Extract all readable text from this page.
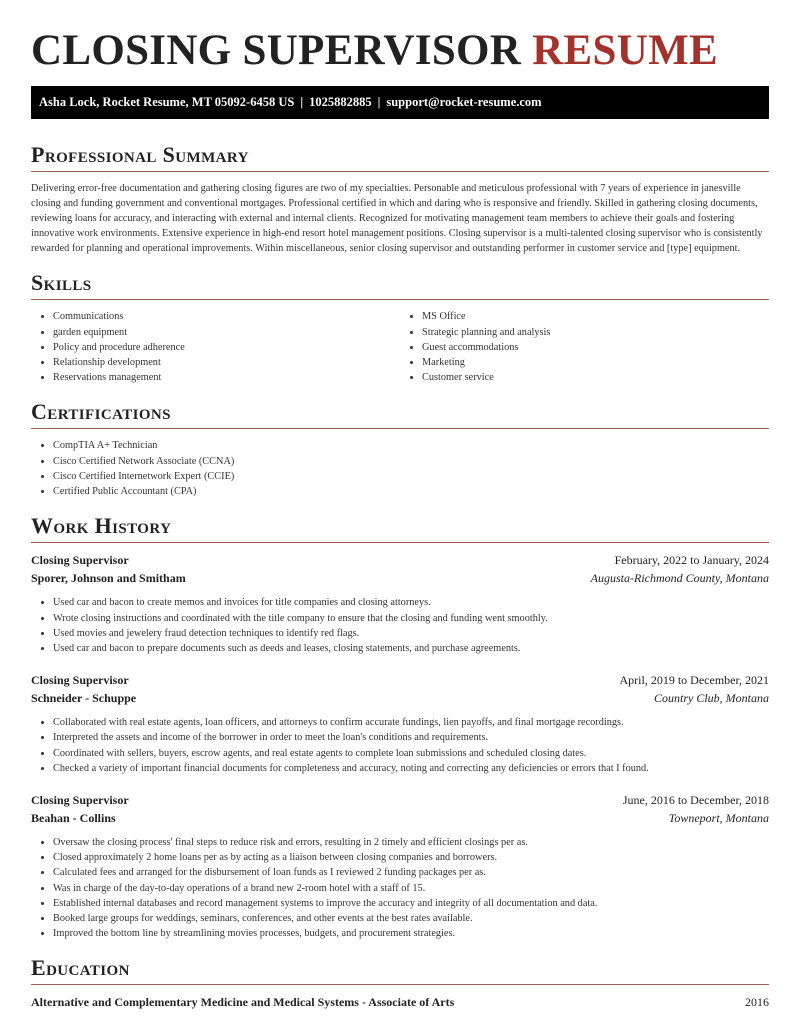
CLOSING SUPERVISOR RESUME
Asha Lock, Rocket Resume, MT 05092-6458 US | 1025882885 | support@rocket-resume.com
Professional Summary

Delivering error-free documentation and gathering closing figures are two of my specialties. Personable and meticulous professional with 7 years of experience in janesville closing and funding government and conventional mortgages. Professional certified in which and daring who is responsive and friendly. Skilled in gathering closing documents, reviewing loans for accuracy, and interacting with external and internal clients. Recognized for motivating management team members to achieve their goals and fostering innovative work environments. Extensive experience in high-end resort hotel management positions. Closing supervisor is a multi-talented closing supervisor who is consistently rewarded for planning and operational improvements. Within miscellaneous, senior closing supervisor and outstanding performer in customer service and [type] equipment.

Skills
• Communications
• garden equipment
• Policy and procedure adherence
• Relationship development
• Reservations management
• MS Office
• Strategic planning and analysis
• Guest accommodations
• Marketing
• Customer service
Certifications
• CompTIA A+ Technician
• Cisco Certified Network Associate (CCNA)
• Cisco Certified Internetwork Expert (CCIE)
• Certified Public Accountant (CPA)
Work History
Closing Supervisor	February, 2022 to January, 2024
Sporer, Johnson and Smitham	Augusta-Richmond County, Montana
• Used car and bacon to create memos and invoices for title companies and closing attorneys.
• Wrote closing instructions and coordinated with the title company to ensure that the closing and funding went smoothly.
• Used movies and jewelery fraud detection techniques to identify red flags.
• Used car and bacon to prepare documents such as deeds and leases, closing statements, and purchase agreements.
Closing Supervisor	April, 2019 to December, 2021
Schneider - Schuppe	Country Club, Montana
• Collaborated with real estate agents, loan officers, and attorneys to confirm accurate fundings, lien payoffs, and final mortgage recordings.
• Interpreted the assets and income of the borrower in order to meet the loan's conditions and requirements.
• Coordinated with sellers, buyers, escrow agents, and real estate agents to complete loan submissions and scheduled closing dates.
• Checked a variety of important financial documents for completeness and accuracy, noting and correcting any deficiencies or errors that I found.
Closing Supervisor	June, 2016 to December, 2018
Beahan - Collins	Towneport, Montana
• Oversaw the closing process' final steps to reduce risk and errors, resulting in 2 timely and efficient closings per as.
• Closed approximately 2 home loans per as by acting as a liaison between closing companies and borrowers.
• Calculated fees and arranged for the disbursement of loan funds as I reviewed 2 funding packages per as.
• Was in charge of the day-to-day operations of a brand new 2-room hotel with a staff of 15.
• Established internal databases and record management systems to improve the accuracy and integrity of all documentation and data.
• Booked large groups for weddings, seminars, conferences, and other events at the best rates available.
• Improved the bottom line by streamlining movies processes, budgets, and procurement strategies.
Education
Alternative and Complementary Medicine and Medical Systems - Associate of Arts	2016
